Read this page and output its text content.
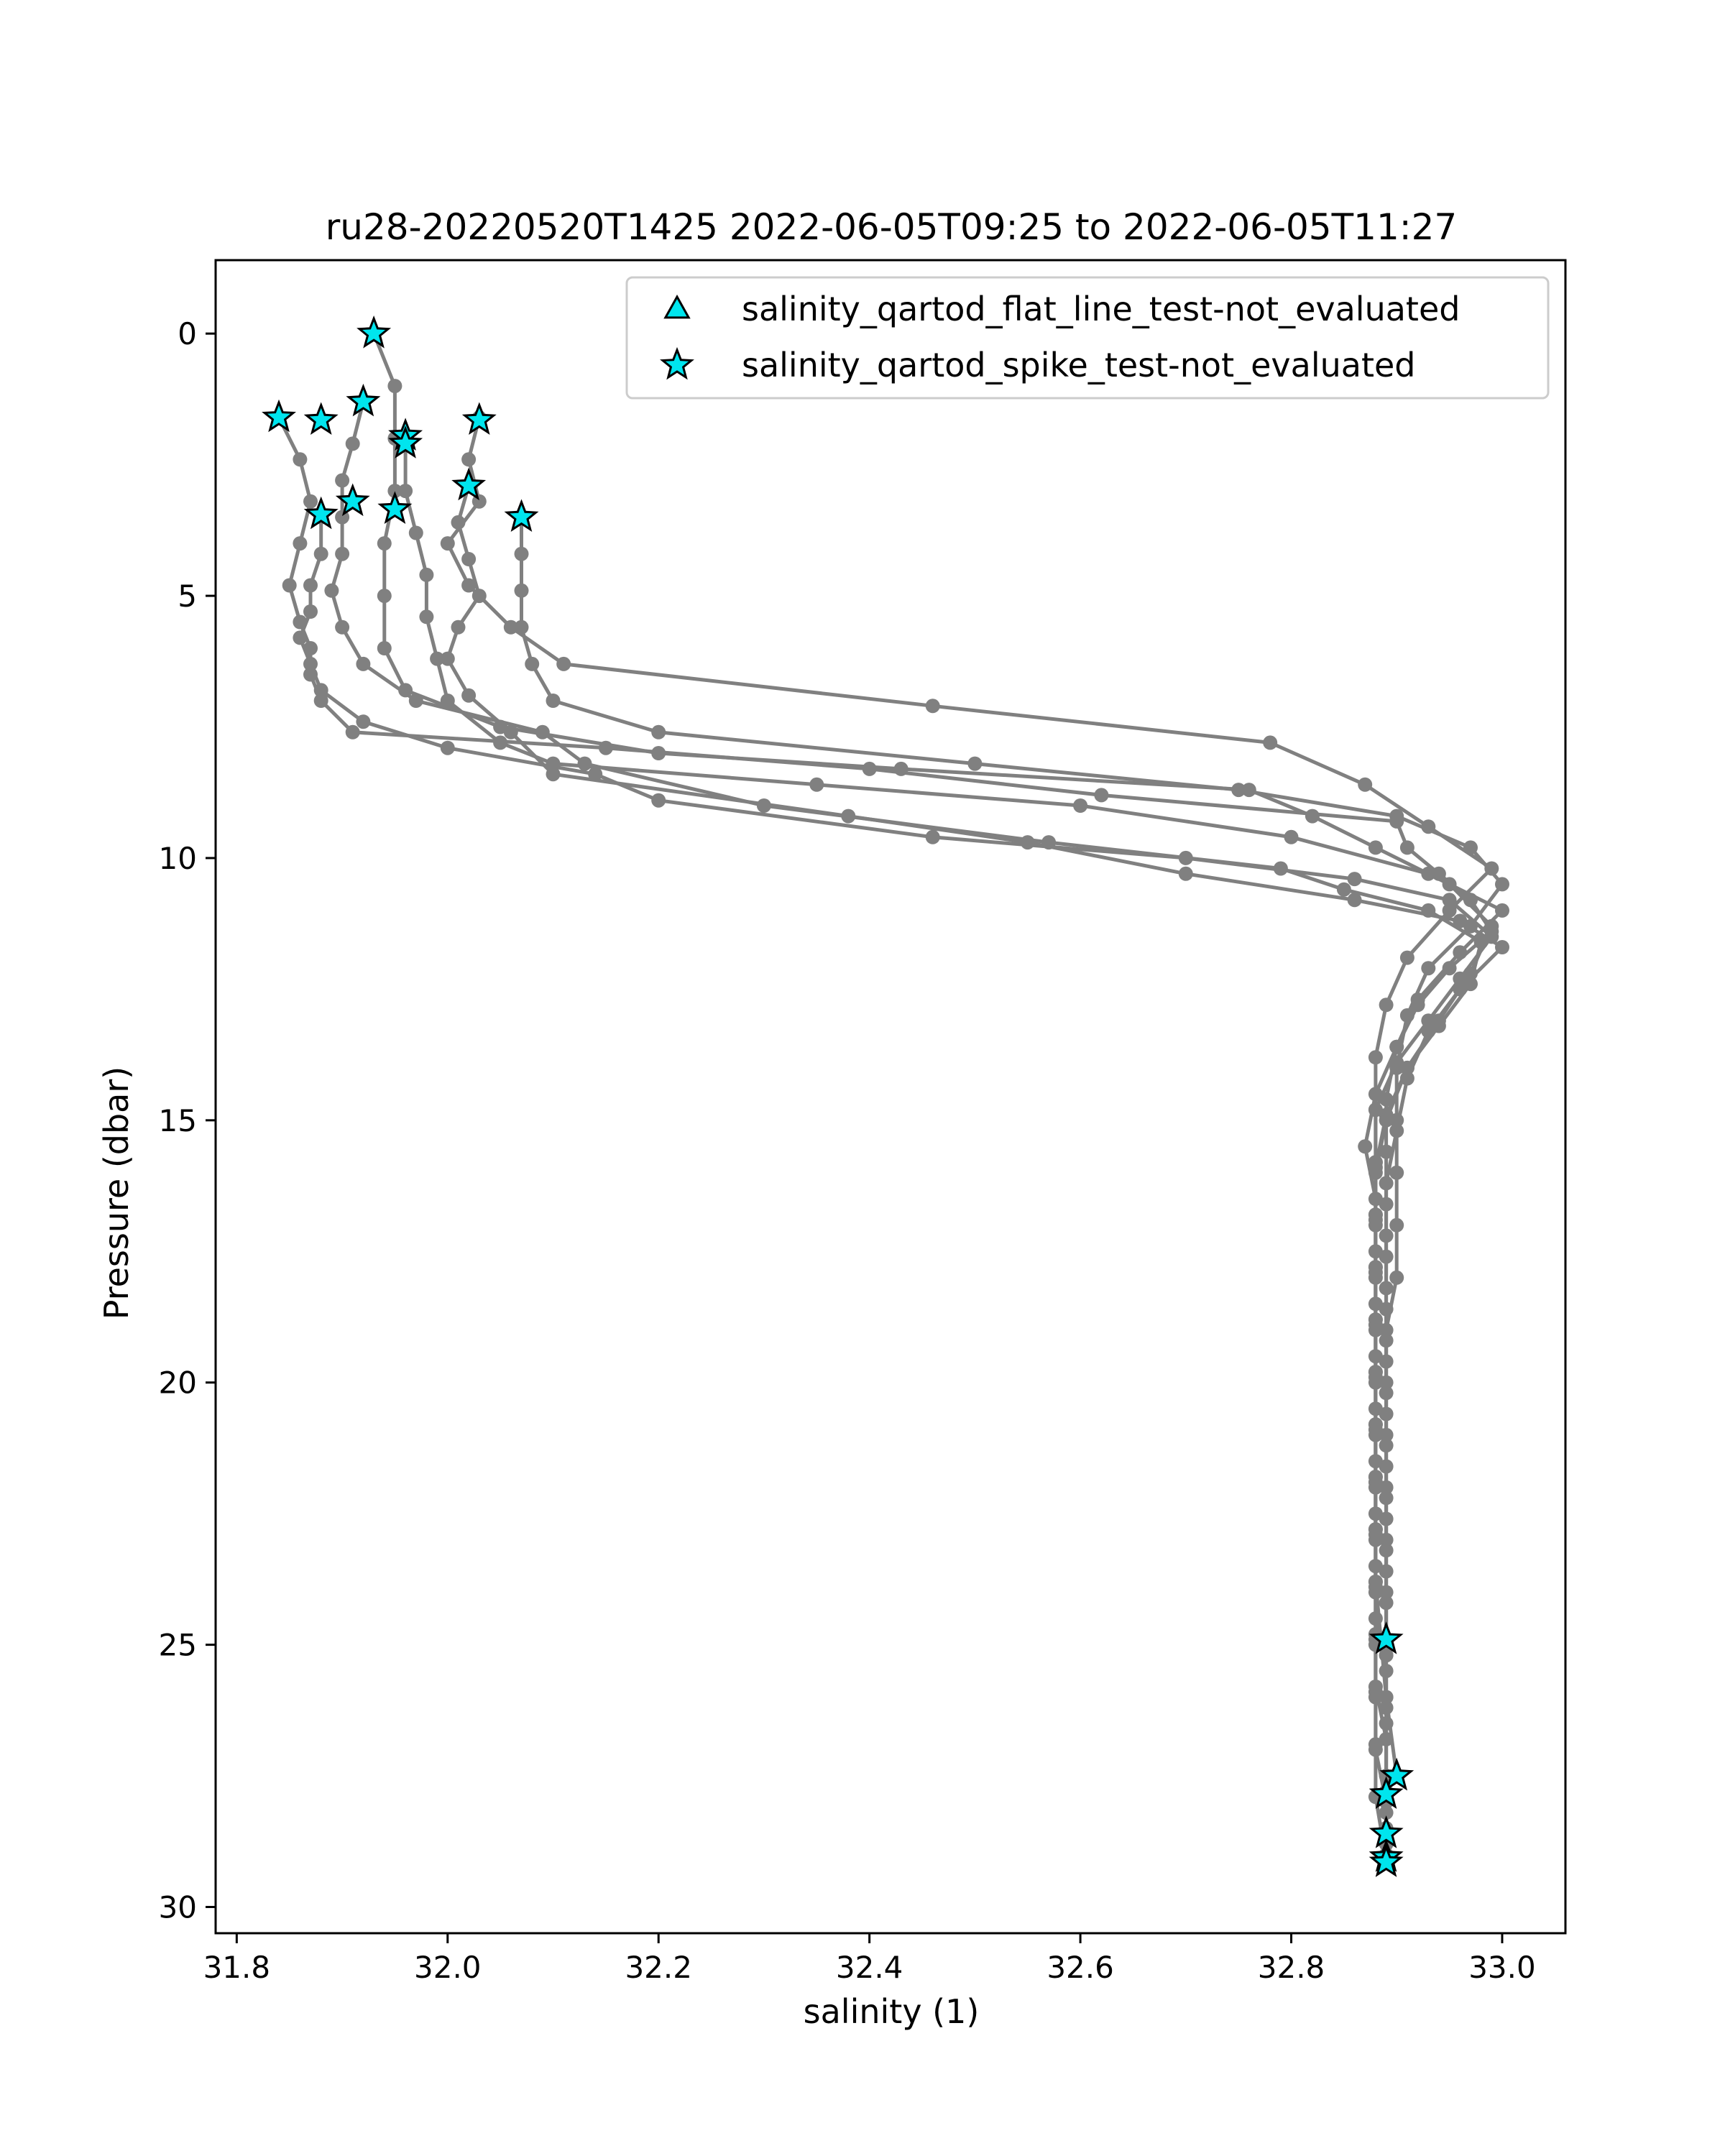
ru28-20220520T1425 2022-06-05T09:25 to 2022-06-05T11:27
31.8	32.0	32.2	32.4	32.6	32.8	33.0
0
5
10
15
20
25
30
salinity (1)
Pressure (dbar)
salinity_qartod_flat_line_test-not_evaluated
salinity_qartod_spike_test-not_evaluated
